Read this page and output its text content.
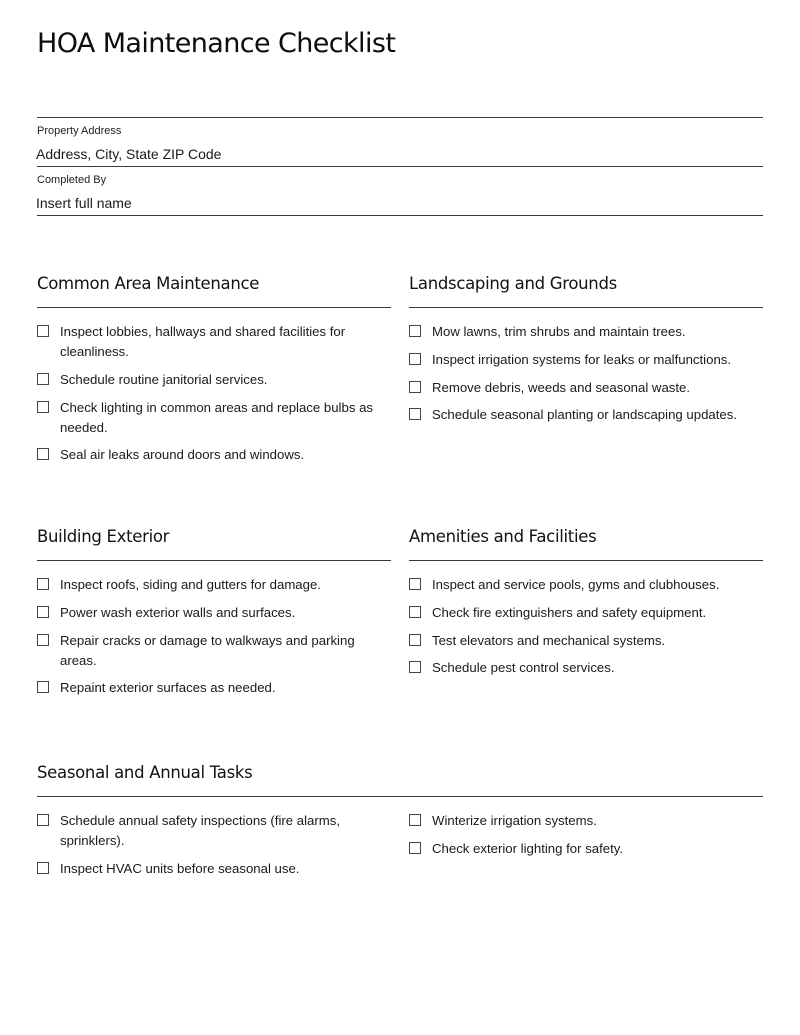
HOA Maintenance Checklist
Property Address
Address, City, State ZIP Code
Completed By
Insert full name
Common Area Maintenance
Inspect lobbies, hallways and shared facilities for cleanliness.
Schedule routine janitorial services.
Check lighting in common areas and replace bulbs as needed.
Seal air leaks around doors and windows.
Landscaping and Grounds
Mow lawns, trim shrubs and maintain trees.
Inspect irrigation systems for leaks or malfunctions.
Remove debris, weeds and seasonal waste.
Schedule seasonal planting or landscaping updates.
Building Exterior
Inspect roofs, siding and gutters for damage.
Power wash exterior walls and surfaces.
Repair cracks or damage to walkways and parking areas.
Repaint exterior surfaces as needed.
Amenities and Facilities
Inspect and service pools, gyms and clubhouses.
Check fire extinguishers and safety equipment.
Test elevators and mechanical systems.
Schedule pest control services.
Seasonal and Annual Tasks
Schedule annual safety inspections (fire alarms, sprinklers).
Inspect HVAC units before seasonal use.
Winterize irrigation systems.
Check exterior lighting for safety.
